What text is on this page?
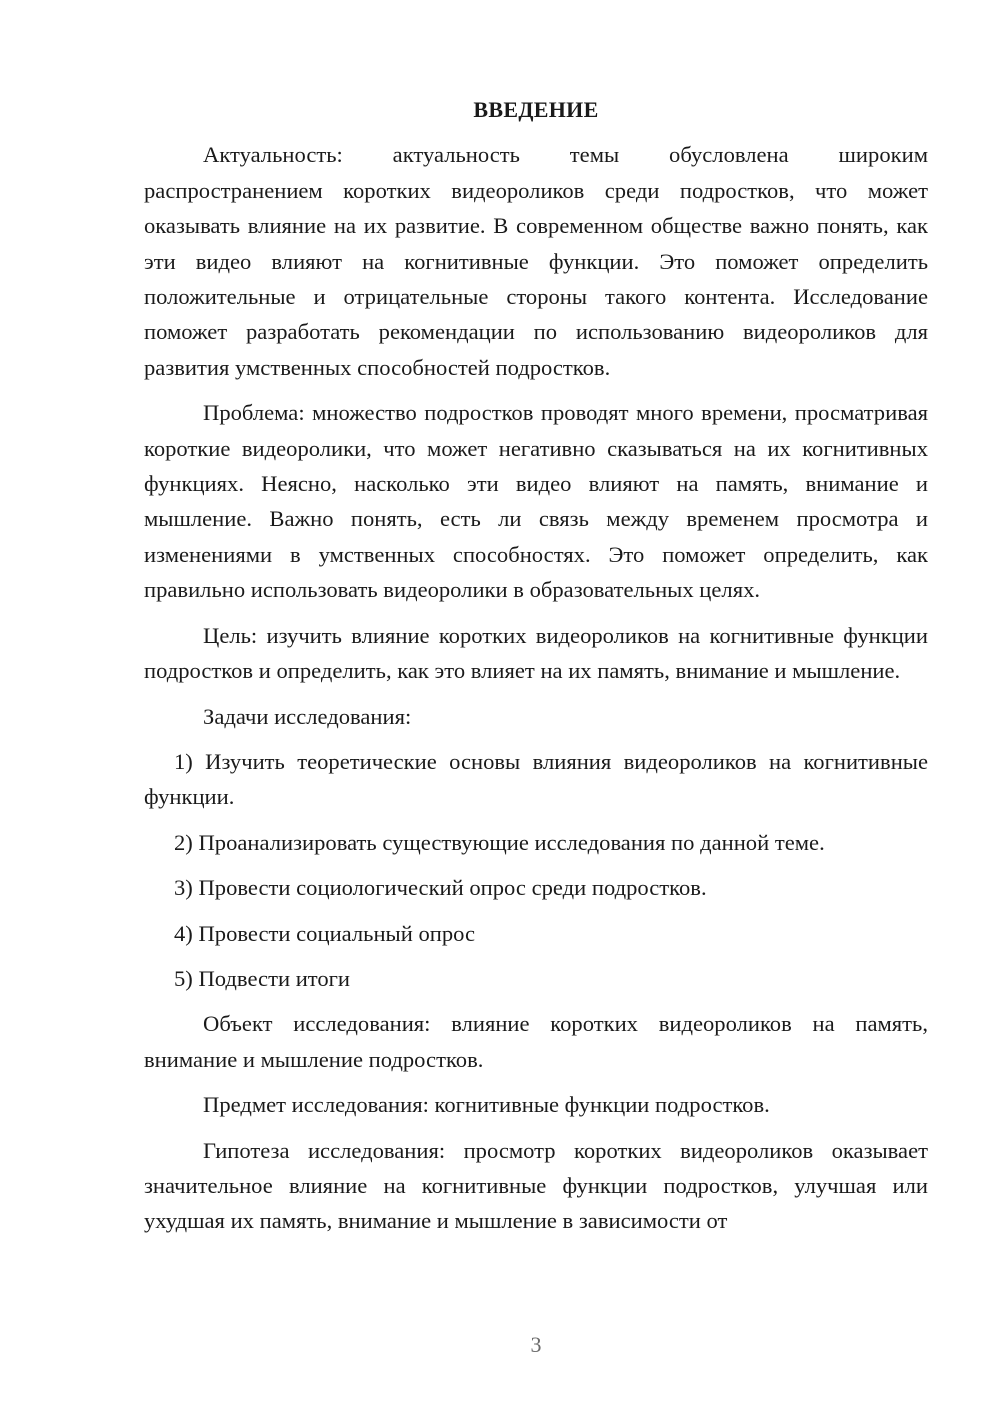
ВВЕДЕНИЕ

Актуальность: актуальность темы обусловлена широким распространением коротких видеороликов среди подростков, что может оказывать влияние на их развитие. В современном обществе важно понять, как эти видео влияют на когнитивные функции. Это поможет определить положительные и отрицательные стороны такого контента. Исследование поможет разработать рекомендации по использованию видеороликов для развития умственных способностей подростков.

Проблема: множество подростков проводят много времени, просматривая короткие видеоролики, что может негативно сказываться на их когнитивных функциях. Неясно, насколько эти видео влияют на память, внимание и мышление. Важно понять, есть ли связь между временем просмотра и изменениями в умственных способностях. Это поможет определить, как правильно использовать видеоролики в образовательных целях.

Цель: изучить влияние коротких видеороликов на когнитивные функции подростков и определить, как это влияет на их память, внимание и мышление.

Задачи исследования:

1) Изучить теоретические основы влияния видеороликов на когнитивные функции.

2) Проанализировать существующие исследования по данной теме.

3) Провести социологический опрос среди подростков.

4) Провести социальный опрос

5) Подвести итоги

Объект исследования: влияние коротких видеороликов на память, внимание и мышление подростков.

Предмет исследования: когнитивные функции подростков.

Гипотеза исследования: просмотр коротких видеороликов оказывает значительное влияние на когнитивные функции подростков, улучшая или ухудшая их память, внимание и мышление в зависимости от

3
